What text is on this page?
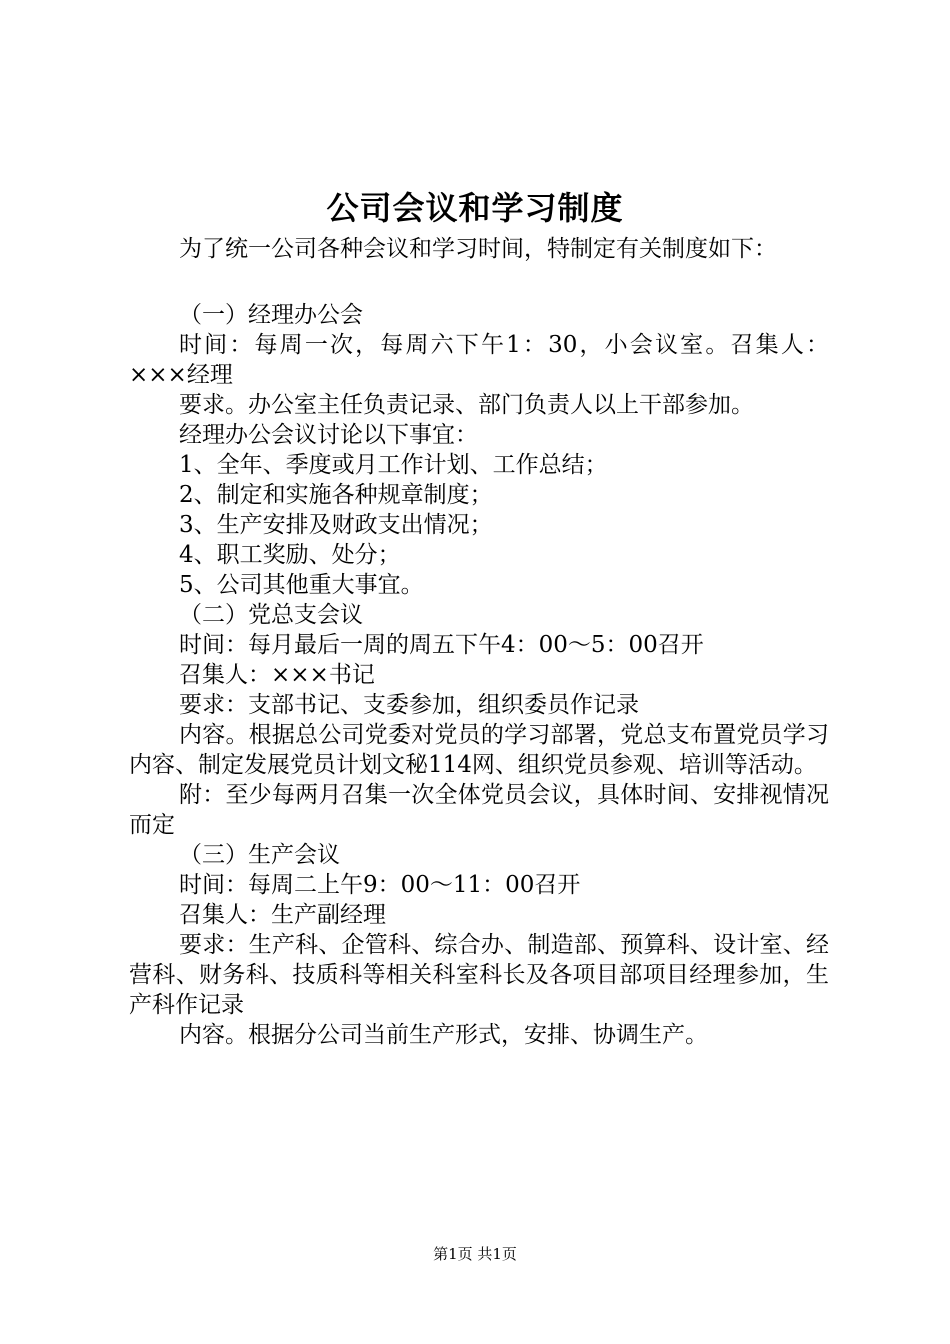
公司会议和学习制度

为了统一公司各种会议和学习时间，特制定有关制度如下：

（一）经理办公会

时间：每周一次，每周六下午1：30，小会议室。召集人：×××经理

要求。办公室主任负责记录、部门负责人以上干部参加。

经理办公会议讨论以下事宜：

1、全年、季度或月工作计划、工作总结；

2、制定和实施各种规章制度；

3、生产安排及财政支出情况；

4、职工奖励、处分；

5、公司其他重大事宜。

（二）党总支会议

时间：每月最后一周的周五下午4：00～5：00召开

召集人：×××书记

要求：支部书记、支委参加，组织委员作记录

内容。根据总公司党委对党员的学习部署，党总支布置党员学习内容、制定发展党员计划文秘114网、组织党员参观、培训等活动。

附：至少每两月召集一次全体党员会议，具体时间、安排视情况而定

（三）生产会议

时间：每周二上午9：00～11：00召开

召集人：生产副经理

要求：生产科、企管科、综合办、制造部、预算科、设计室、经营科、财务科、技质科等相关科室科长及各项目部项目经理参加，生产科作记录

内容。根据分公司当前生产形式，安排、协调生产。

第1页 共1页
